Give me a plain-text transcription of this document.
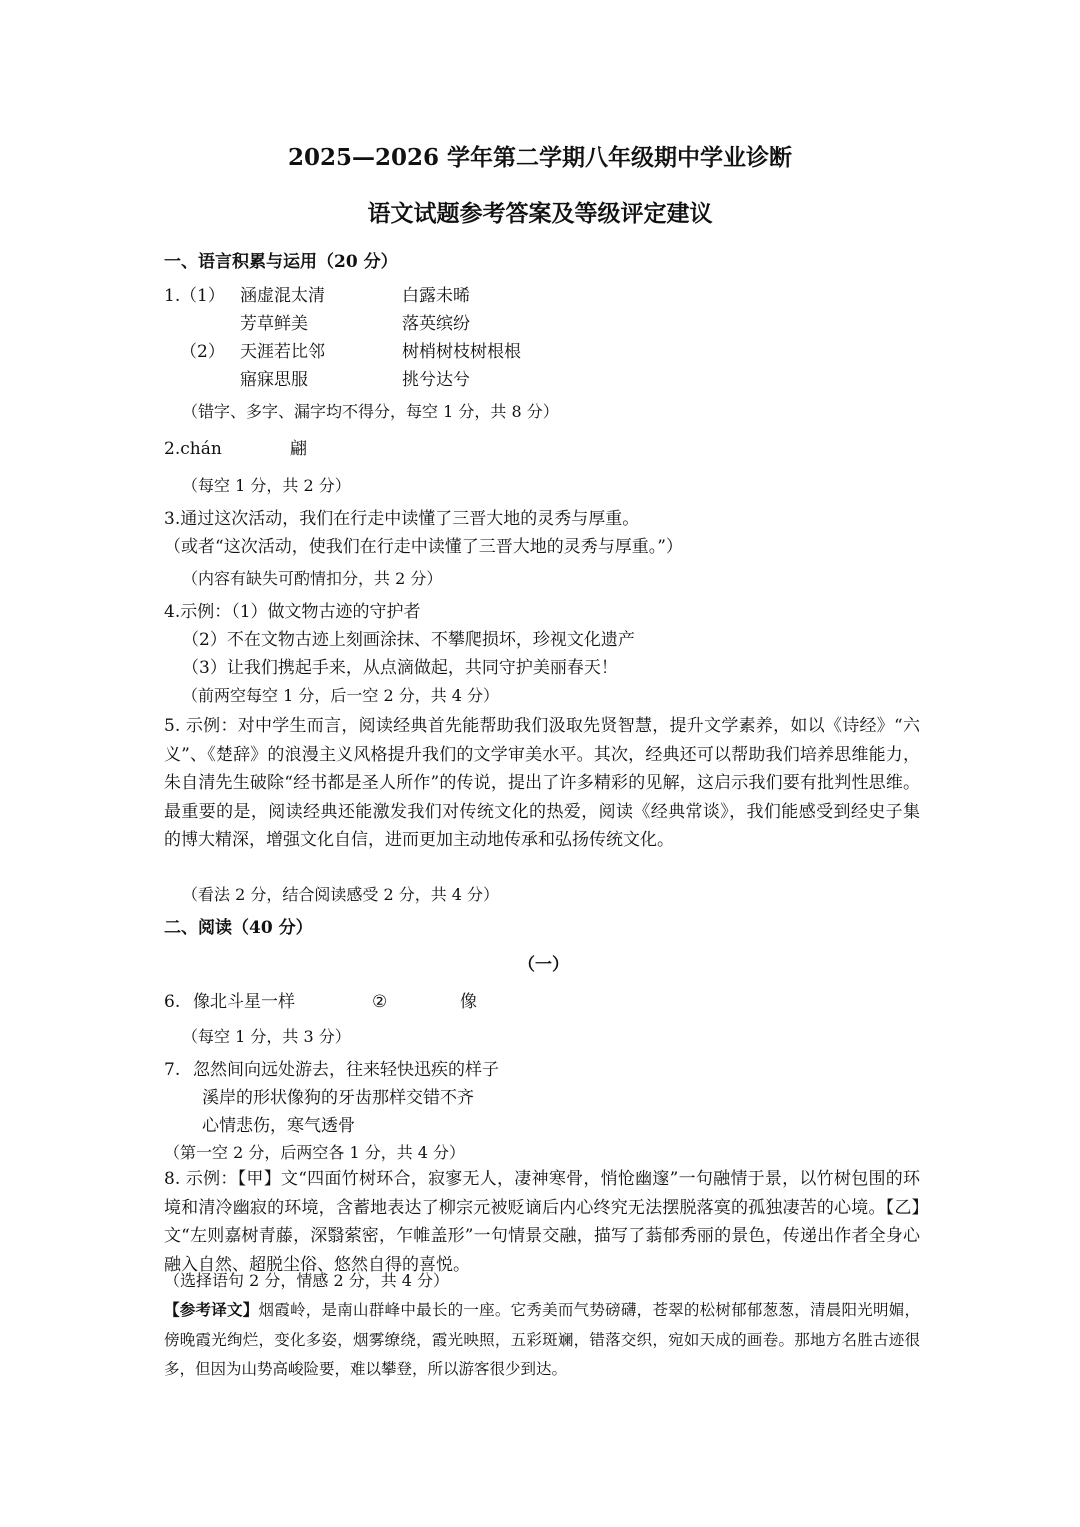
2025—2026 学年第二学期八年级期中学业诊断
语文试题参考答案及等级评定建议
一、语言积累与运用（20 分）
1. （1） 涵虚混太清	白露未晞
芳草鲜美	落英缤纷
（2） 天涯若比邻	树梢树枝树根根
寤寐思服	挑兮达兮
（错字、多字、漏字均不得分，每空 1 分，共 8 分）
2.chán	翩
（每空 1 分，共 2 分）
3.通过这次活动，我们在行走中读懂了三晋大地的灵秀与厚重。
（或者“这次活动，使我们在行走中读懂了三晋大地的灵秀与厚重。”）
（内容有缺失可酌情扣分，共 2 分）
4.示例：（1）做文物古迹的守护者
（2）不在文物古迹上刻画涂抹、不攀爬损坏，珍视文化遗产
（3）让我们携起手来，从点滴做起，共同守护美丽春天！
（前两空每空 1 分，后一空 2 分，共 4 分）
5. 示例：对中学生而言，阅读经典首先能帮助我们汲取先贤智慧，提升文学素养，如以《诗经》“六义”、《楚辞》的浪漫主义风格提升我们的文学审美水平。其次，经典还可以帮助我们培养思维能力，朱自清先生破除“经书都是圣人所作”的传说，提出了许多精彩的见解，这启示我们要有批判性思维。最重要的是，阅读经典还能激发我们对传统文化的热爱，阅读《经典常谈》，我们能感受到经史子集的博大精深，增强文化自信，进而更加主动地传承和弘扬传统文化。
（看法 2 分，结合阅读感受 2 分，共 4 分）
二、阅读（40 分）
（一）
6. 像北斗星一样	②	像
（每空 1 分，共 3 分）
7. 忽然间向远处游去，往来轻快迅疾的样子
溪岸的形状像狗的牙齿那样交错不齐
心情悲伤，寒气透骨
（第一空 2 分，后两空各 1 分，共 4 分）
8. 示例：【甲】文“四面竹树环合，寂寥无人，凄神寒骨，悄怆幽邃”一句融情于景，以竹树包围的环境和清冷幽寂的环境，含蓄地表达了柳宗元被贬谪后内心终究无法摆脱落寞的孤独凄苦的心境。【乙】文“左则嘉树青藤，深翳萦密，乍帷盖形”一句情景交融，描写了蓊郁秀丽的景色，传递出作者全身心融入自然、超脱尘俗、悠然自得的喜悦。
（选择语句 2 分，情感 2 分，共 4 分）
【参考译文】烟霞岭，是南山群峰中最长的一座。它秀美而气势磅礴，苍翠的松树郁郁葱葱，清晨阳光明媚，傍晚霞光绚烂，变化多姿，烟雾缭绕，霞光映照，五彩斑斓，错落交织，宛如天成的画卷。那地方名胜古迹很多，但因为山势高峻险要，难以攀登，所以游客很少到达。
